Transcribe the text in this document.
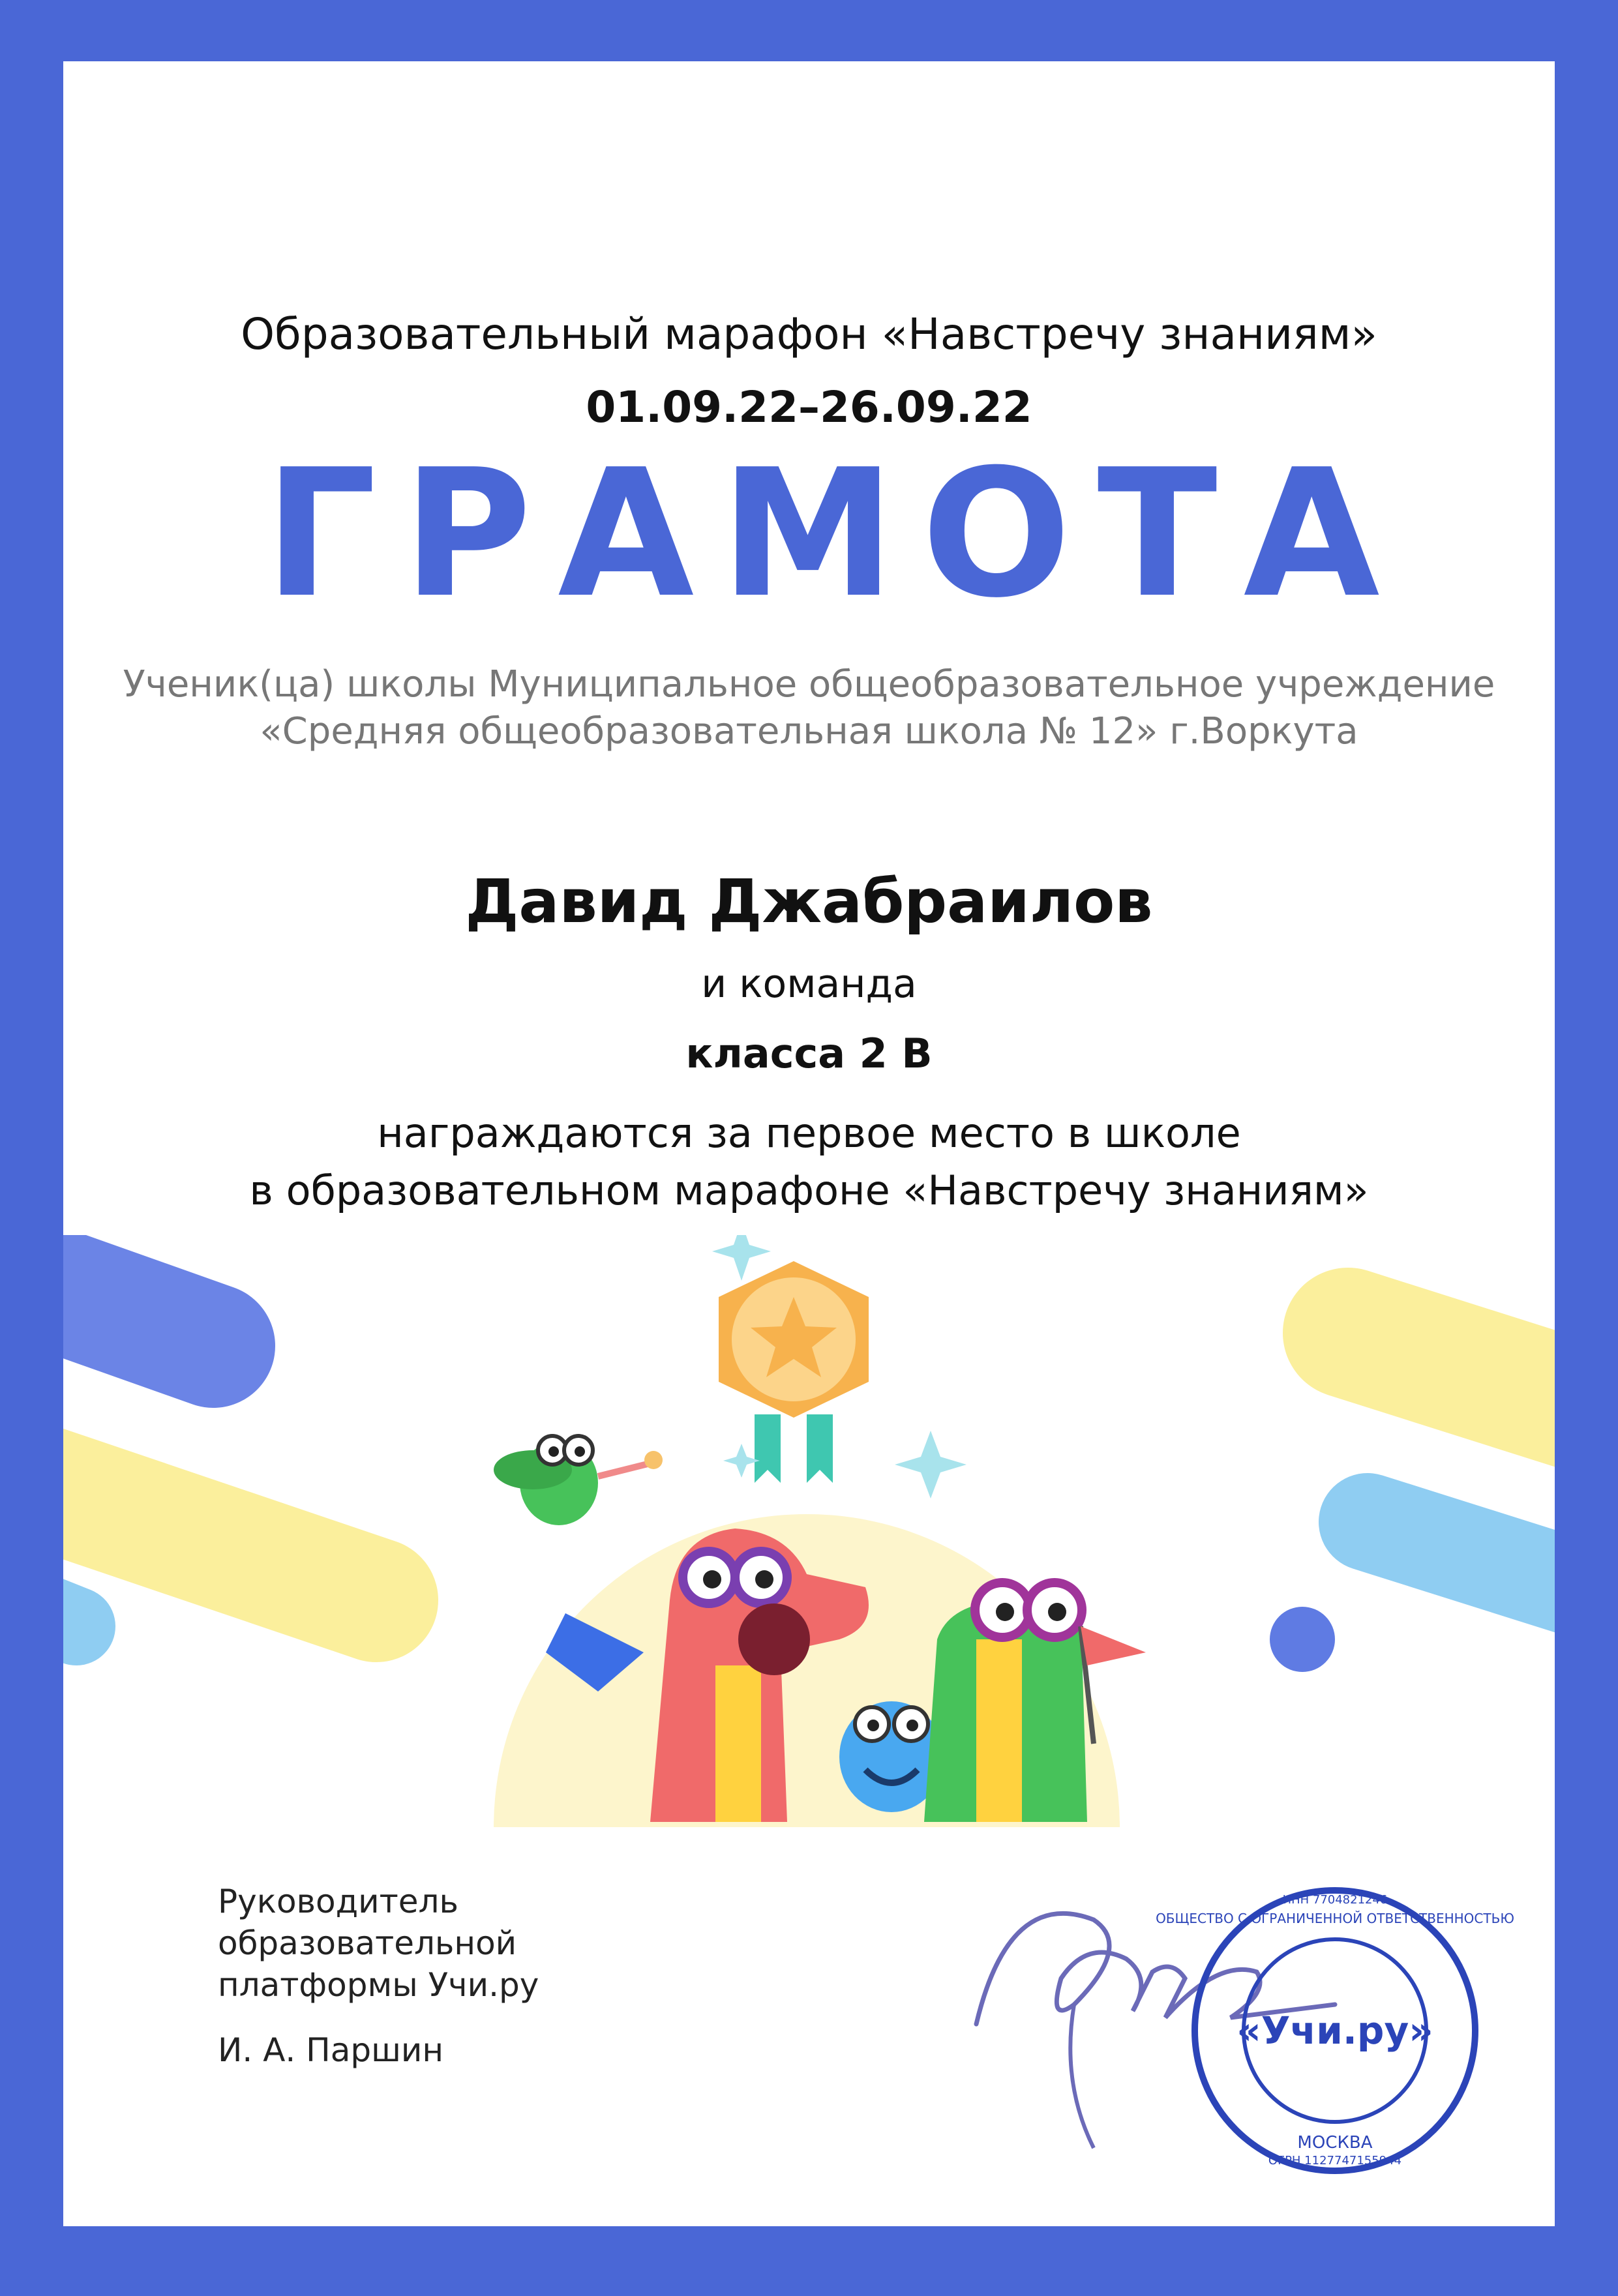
Образовательный марафон «Навстречу знаниям»
01.09.22–26.09.22
ГРАМОТА
Ученик(ца) школы Муниципальное общеобразовательное учреждение
«Средняя общеобразовательная школа № 12» г.Воркута
Давид Джабраилов
и команда
класса 2 В
награждаются за первое место в школе
в образовательном марафоне «Навстречу знаниям»
Руководитель
образовательной
платформы Учи.ру
И. А. Паршин	«Учи.ру»
ОБЩЕСТВО С ОГРАНИЧЕННОЙ ОТВЕТСТВЕННОСТЬЮ
МОСКВА
ИНН 7704821246
ОГРН 1127747155944
